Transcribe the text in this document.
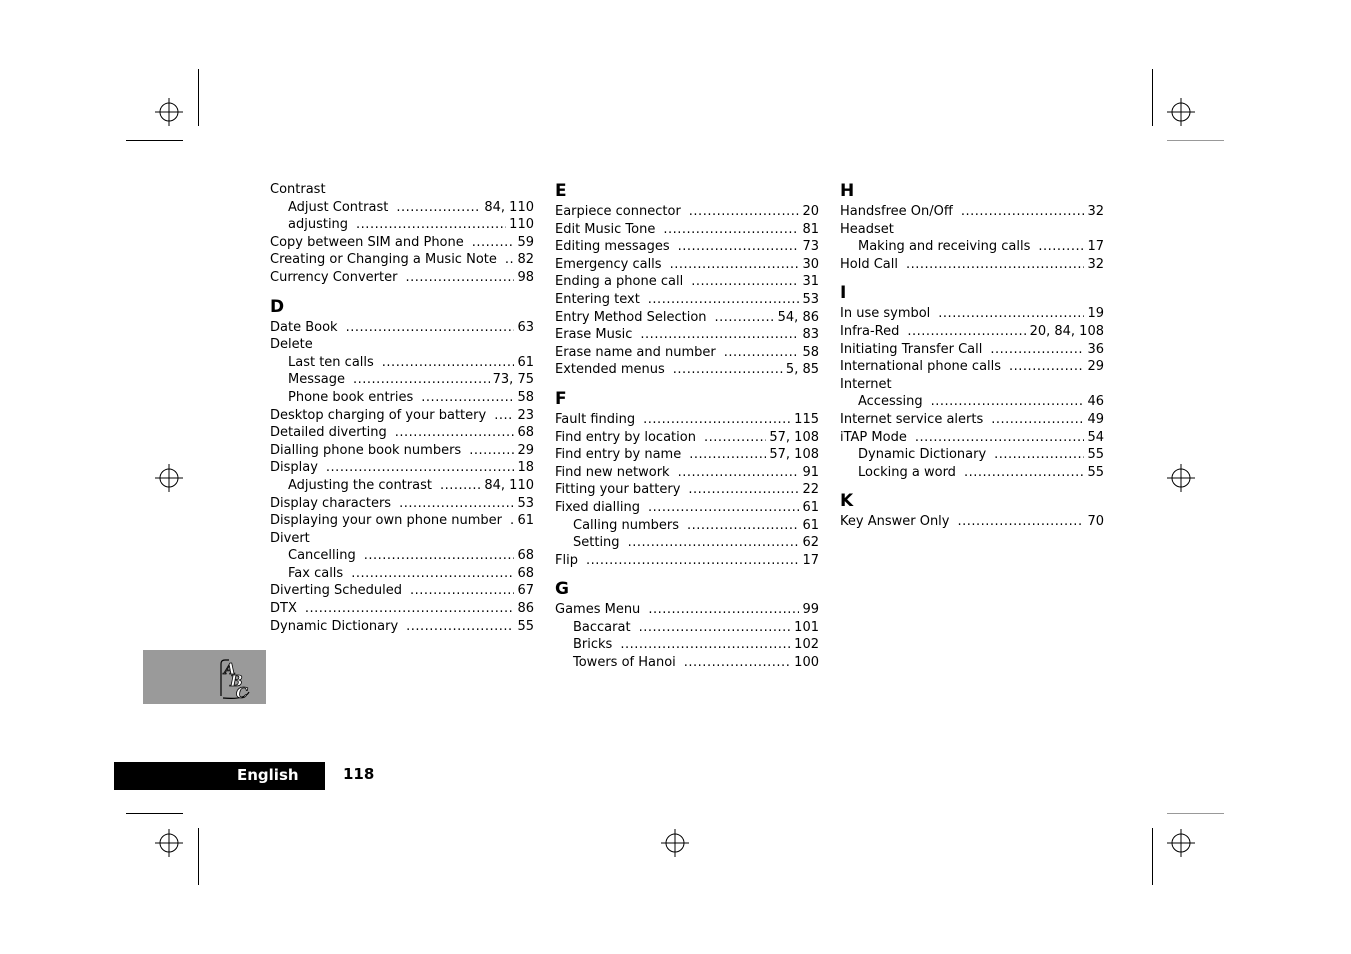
Contrast
Adjust Contrast .....	84, 110
adjusting .....	110
Copy between SIM and Phone .....	59
Creating or Changing a Music Note ..... 82
Currency Converter .....	98
D
Date Book .....	63
Delete
Last ten calls .....	61
Message .....	73, 75
Phone book entries .....	58
Desktop charging of your battery ..... 23
Detailed diverting .....	68
Dialling phone book numbers .....	29
Display .....	18
Adjusting the contrast .....	84, 110
Display characters .....	53
Displaying your own phone number ..... 61
Divert
Cancelling .....	68
Fax calls .....	68
Diverting Scheduled .....	67
DTX .....	86
Dynamic Dictionary .....	55
E
Earpiece connector .....	20
Edit Music Tone .....	81
Editing messages .....	73
Emergency calls .....	30
Ending a phone call .....	31
Entering text .....	53
Entry Method Selection .....	54, 86
Erase Music .....	83
Erase name and number .....	58
Extended menus .....	5, 85
F
Fault finding .....	115
Find entry by location .....	57, 108
Find entry by name .....	57, 108
Find new network .....	91
Fitting your battery .....	22
Fixed dialling .....	61
Calling numbers .....	61
Setting .....	62
Flip .....	17
G
Games Menu .....	99
Baccarat .....	101
Bricks .....	102
Towers of Hanoi .....	100
H
Handsfree On/Off .....	32
Headset
Making and receiving calls .....	17
Hold Call .....	32
I
In use symbol .....	19
Infra-Red .....	20, 84, 108
Initiating Transfer Call .....	36
International phone calls .....	29
Internet
Accessing .....	46
Internet service alerts .....	49
iTAP Mode .....	54
Dynamic Dictionary .....	55
Locking a word .....	55
K
Key Answer Only .....	70
A
B
C
English	118
